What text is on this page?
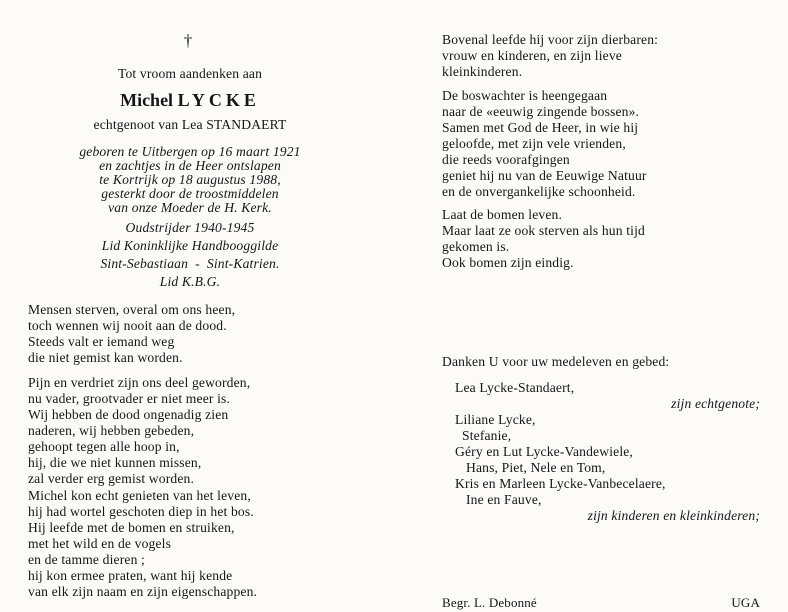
†
Tot vroom aandenken aan
Michel LYCKE
echtgenoot van Lea STANDAERT
geboren te Uitbergen op 16 maart 1921
en zachtjes in de Heer ontslapen
te Kortrijk op 18 augustus 1988,
gesterkt door de troostmiddelen
van onze Moeder de H. Kerk.
Oudstrijder 1940-1945
Lid Koninklijke Handbooggilde
Sint-Sebastiaan  -  Sint-Katrien.
Lid K.B.G.
Mensen sterven, overal om ons heen,
toch wennen wij nooit aan de dood.
Steeds valt er iemand weg
die niet gemist kan worden.
Pijn en verdriet zijn ons deel geworden,
nu vader, grootvader er niet meer is.
Wij hebben de dood ongenadig zien
naderen, wij hebben gebeden,
gehoopt tegen alle hoop in,
hij, die we niet kunnen missen,
zal verder erg gemist worden.
Michel kon echt genieten van het leven,
hij had wortel geschoten diep in het bos.
Hij leefde met de bomen en struiken,
met het wild en de vogels
en de tamme dieren ;
hij kon ermee praten, want hij kende
van elk zijn naam en zijn eigenschappen.
Bovenal leefde hij voor zijn dierbaren:
vrouw en kinderen, en zijn lieve
kleinkinderen.
De boswachter is heengegaan
naar de «eeuwig zingende bossen».
Samen met God de Heer, in wie hij
geloofde, met zijn vele vrienden,
die reeds voorafgingen
geniet hij nu van de Eeuwige Natuur
en de onvergankelijke schoonheid.
Laat de bomen leven.
Maar laat ze ook sterven als hun tijd
gekomen is.
Ook bomen zijn eindig.
Danken U voor uw medeleven en gebed:
Lea Lycke-Standaert,
zijn echtgenote;
Liliane Lycke,
Stefanie,
Géry en Lut Lycke-Vandewiele,
Hans, Piet, Nele en Tom,
Kris en Marleen Lycke-Vanbecelaere,
Ine en Fauve,
zijn kinderen en kleinkinderen;
Begr. L. Debonné	UGA
